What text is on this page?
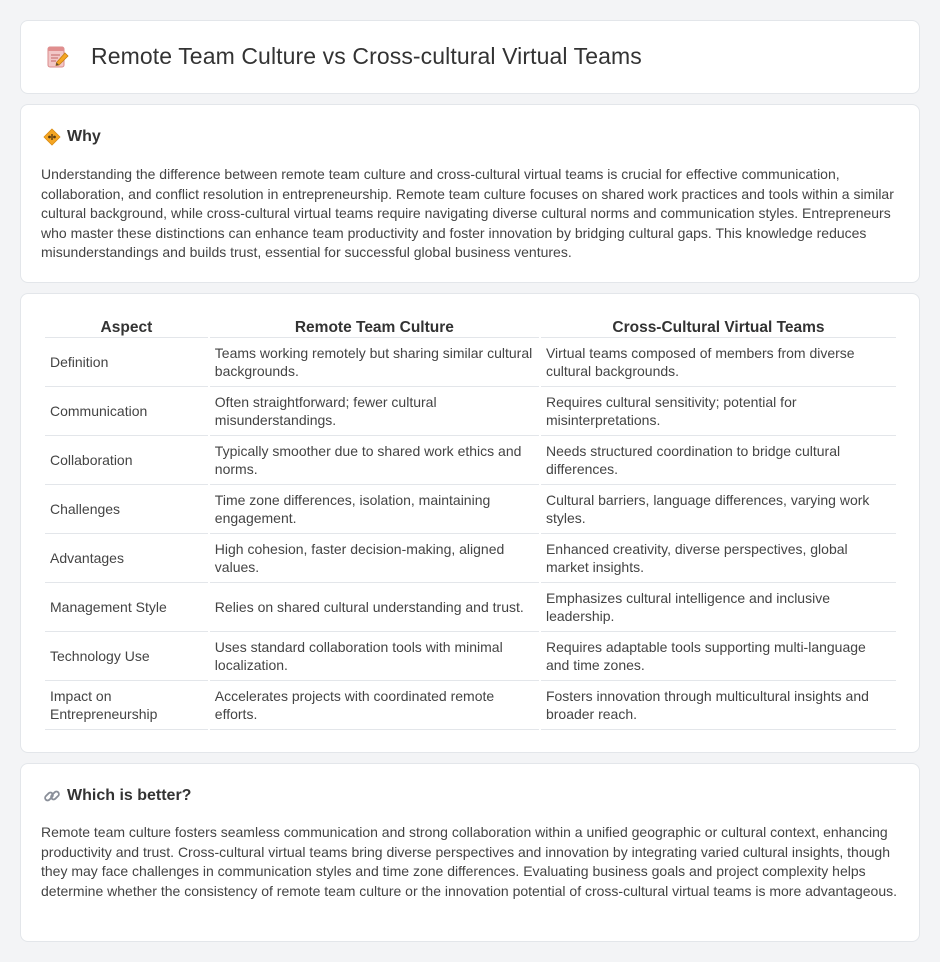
Remote Team Culture vs Cross-cultural Virtual Teams
Why

Understanding the difference between remote team culture and cross-cultural virtual teams is crucial for effective communication, collaboration, and conflict resolution in entrepreneurship. Remote team culture focuses on shared work practices and tools within a similar cultural background, while cross-cultural virtual teams require navigating diverse cultural norms and communication styles. Entrepreneurs who master these distinctions can enhance team productivity and foster innovation by bridging cultural gaps. This knowledge reduces misunderstandings and builds trust, essential for successful global business ventures.

Aspect	Remote Team Culture	Cross-Cultural Virtual Teams
Definition	Teams working remotely but sharing similar cultural backgrounds.	Virtual teams composed of members from diverse cultural backgrounds.
Communication	Often straightforward; fewer cultural misunderstandings.	Requires cultural sensitivity; potential for misinterpretations.
Collaboration	Typically smoother due to shared work ethics and norms.	Needs structured coordination to bridge cultural differences.
Challenges	Time zone differences, isolation, maintaining engagement.	Cultural barriers, language differences, varying work styles.
Advantages	High cohesion, faster decision-making, aligned values.	Enhanced creativity, diverse perspectives, global market insights.
Management Style	Relies on shared cultural understanding and trust.	Emphasizes cultural intelligence and inclusive leadership.
Technology Use	Uses standard collaboration tools with minimal localization.	Requires adaptable tools supporting multi-language and time zones.
Impact on Entrepreneurship	Accelerates projects with coordinated remote efforts.	Fosters innovation through multicultural insights and broader reach.
Which is better?

Remote team culture fosters seamless communication and strong collaboration within a unified geographic or cultural context, enhancing productivity and trust. Cross-cultural virtual teams bring diverse perspectives and innovation by integrating varied cultural insights, though they may face challenges in communication styles and time zone differences. Evaluating business goals and project complexity helps determine whether the consistency of remote team culture or the innovation potential of cross-cultural virtual teams is more advantageous.
